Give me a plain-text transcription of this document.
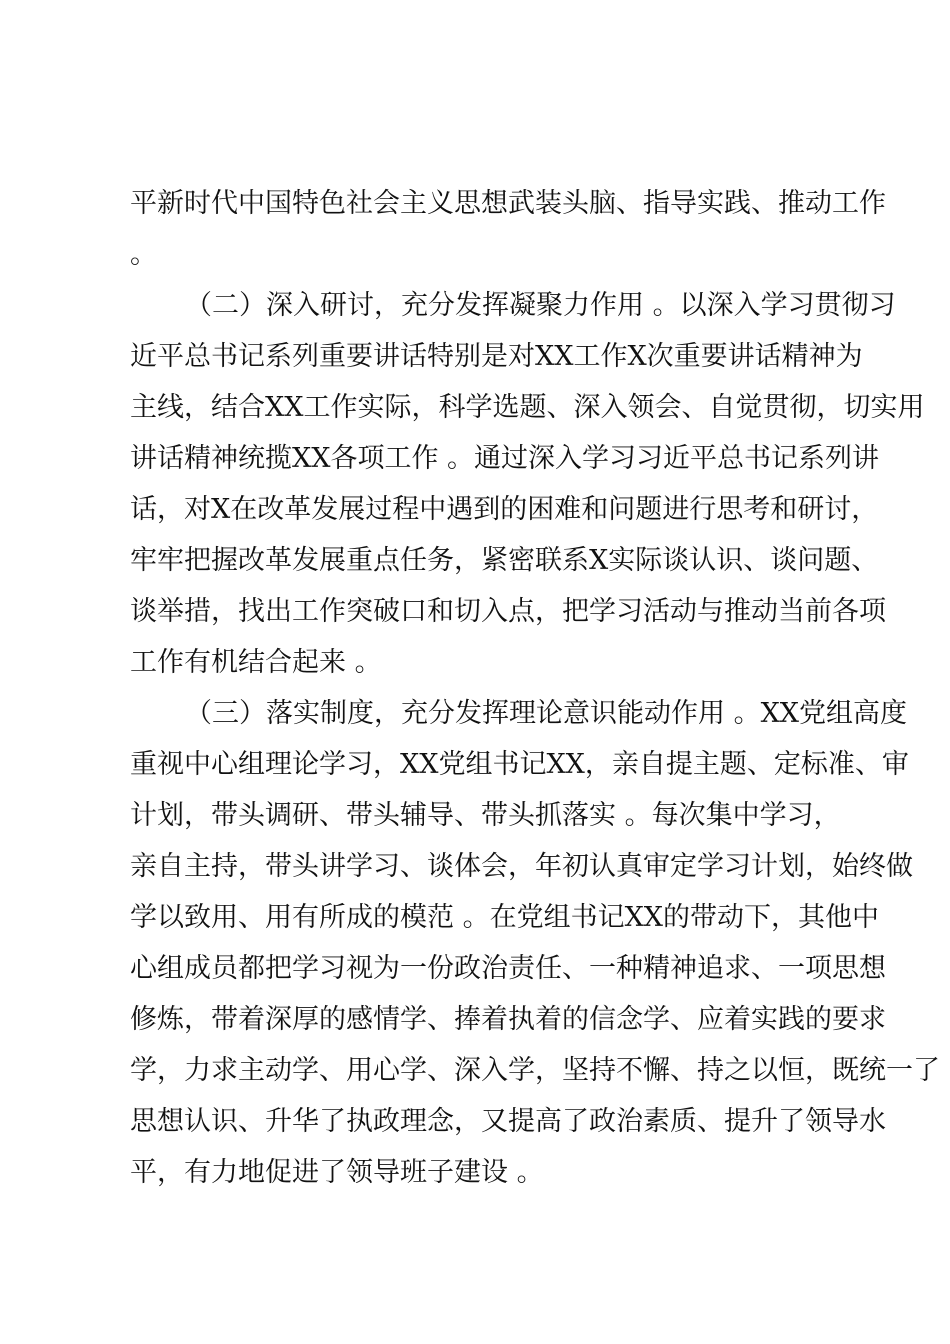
平新时代中国特色社会主义思想武装头脑、指导实践、推动工作
。
（二）深入研讨，充分发挥凝聚力作用 。以深入学习贯彻习
近平总书记系列重要讲话特别是对XX工作X次重要讲话精神为
主线，结合XX工作实际，科学选题、深入领会、自觉贯彻，切实用
讲话精神统揽XX各项工作 。通过深入学习习近平总书记系列讲
话，对X在改革发展过程中遇到的困难和问题进行思考和研讨，
牢牢把握改革发展重点任务，紧密联系X实际谈认识、谈问题、
谈举措，找出工作突破口和切入点，把学习活动与推动当前各项
工作有机结合起来 。
（三）落实制度，充分发挥理论意识能动作用 。XX党组高度
重视中心组理论学习，XX党组书记XX，亲自提主题、定标准、审
计划，带头调研、带头辅导、带头抓落实 。每次集中学习，
亲自主持，带头讲学习、谈体会，年初认真审定学习计划，始终做
学以致用、用有所成的模范 。在党组书记XX的带动下，其他中
心组成员都把学习视为一份政治责任、一种精神追求、一项思想
修炼，带着深厚的感情学、捧着执着的信念学、应着实践的要求
学，力求主动学、用心学、深入学，坚持不懈、持之以恒，既统一了
思想认识、升华了执政理念，又提高了政治素质、提升了领导水
平，有力地促进了领导班子建设 。
